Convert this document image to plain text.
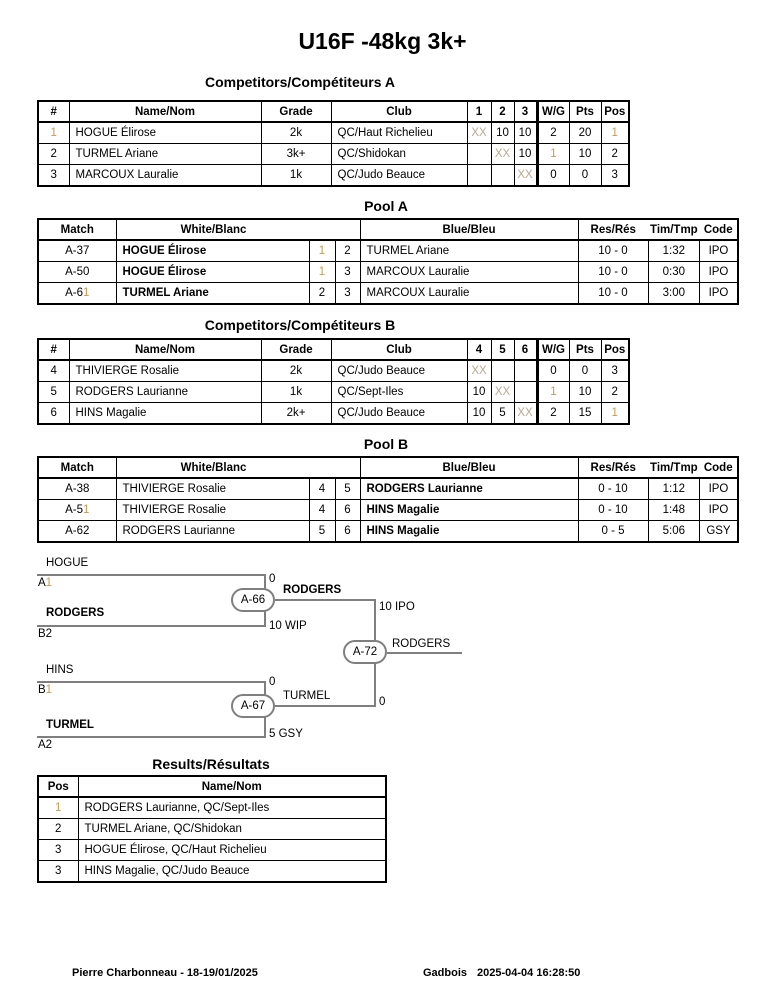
U16F -48kg 3k+
Competitors/Compétiteurs A
#	Name/Nom	Grade	Club	1	2	3	W/G	Pts	Pos
1	HOGUE Élirose	2k	QC/Haut Richelieu	XX	10	10	2	20	1
2	TURMEL Ariane	3k+	QC/Shidokan		XX	10	1	10	2
3	MARCOUX Lauralie	1k	QC/Judo Beauce			XX	0	0	3
Pool A
Match	White/Blanc			Blue/Bleu	Res/Rés	Tim/Tmp	Code
A-37	HOGUE Élirose	1	2	TURMEL Ariane	10 - 0	1:32	IPO
A-50	HOGUE Élirose	1	3	MARCOUX Lauralie	10 - 0	0:30	IPO
A-61	TURMEL Ariane	2	3	MARCOUX Lauralie	10 - 0	3:00	IPO
Competitors/Compétiteurs B
#	Name/Nom	Grade	Club	4	5	6	W/G	Pts	Pos
4	THIVIERGE Rosalie	2k	QC/Judo Beauce	XX			0	0	3
5	RODGERS Laurianne	1k	QC/Sept-Iles	10	XX		1	10	2
6	HINS Magalie	2k+	QC/Judo Beauce	10	5	XX	2	15	1
Pool B
Match	White/Blanc			Blue/Bleu	Res/Rés	Tim/Tmp	Code
A-38	THIVIERGE Rosalie	4	5	RODGERS Laurianne	0 - 10	1:12	IPO
A-51	THIVIERGE Rosalie	4	6	HINS Magalie	0 - 10	1:48	IPO
A-62	RODGERS Laurianne	5	6	HINS Magalie	0 - 5	5:06	GSY
HOGUE
A1	0
RODGERS
B2
10 WIP
A-66
RODGERS
10 IPO
HINS
B1
0
TURMEL
A2
5 GSY
A-67
TURMEL	0
A-72
RODGERS
Results/Résultats
Pos	Name/Nom
1	RODGERS Laurianne, QC/Sept-Iles
2	TURMEL Ariane, QC/Shidokan
3	HOGUE Élirose, QC/Haut Richelieu
3	HINS Magalie, QC/Judo Beauce
Pierre Charbonneau - 18-19/01/2025	Gadbois 2025-04-04 16:28:50
